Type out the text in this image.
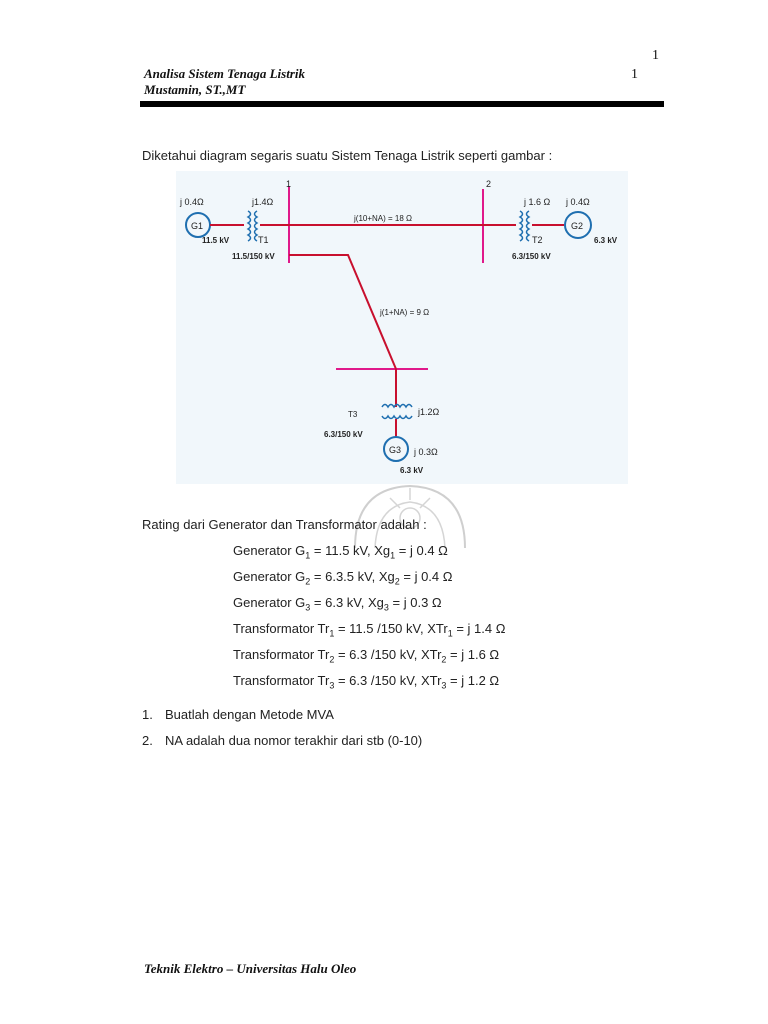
1
Analisa Sistem Tenaga Listrik
Mustamin, ST.,MT
1
Diketahui diagram segaris suatu Sistem Tenaga Listrik seperti gambar :
1	2
G1
j 0.4Ω
11.5 kV
j1.4Ω
T1
11.5/150 kV
j(10+NA) = 18 Ω
j 1.6 Ω
T2
6.3/150 kV
G2
j 0.4Ω
6.3 kV
j(1+NA) = 9 Ω
T3	j1.2Ω
6.3/150 kV
G3 j 0.3Ω
6.3 kV
Rating dari Generator dan Transformator adalah :
Generator $G_1 = 11.5$ kV, $Xg_1 = j$ 0.4 Ω
Generator $G_2 = 6.3.5$ kV, $Xg_2 = j$ 0.4 Ω
Generator $G_3 = 6.3$ kV, $Xg_3 = j$ 0.3 Ω
Transformator $Tr_1 = 11.5$ /150 kV, XTr$_1$ = j 1.4 Ω
Transformator $Tr_2 = 6.3$ /150 kV, XTr$_2$ = j 1.6 Ω
Transformator $Tr_3 = 6.3$ /150 kV, XTr$_3$ = j 1.2 Ω
1. Buatlah dengan Metode MVA
2. NA adalah dua nomor terakhir dari stb (0-10)
Teknik Elektro – Universitas Halu Oleo
